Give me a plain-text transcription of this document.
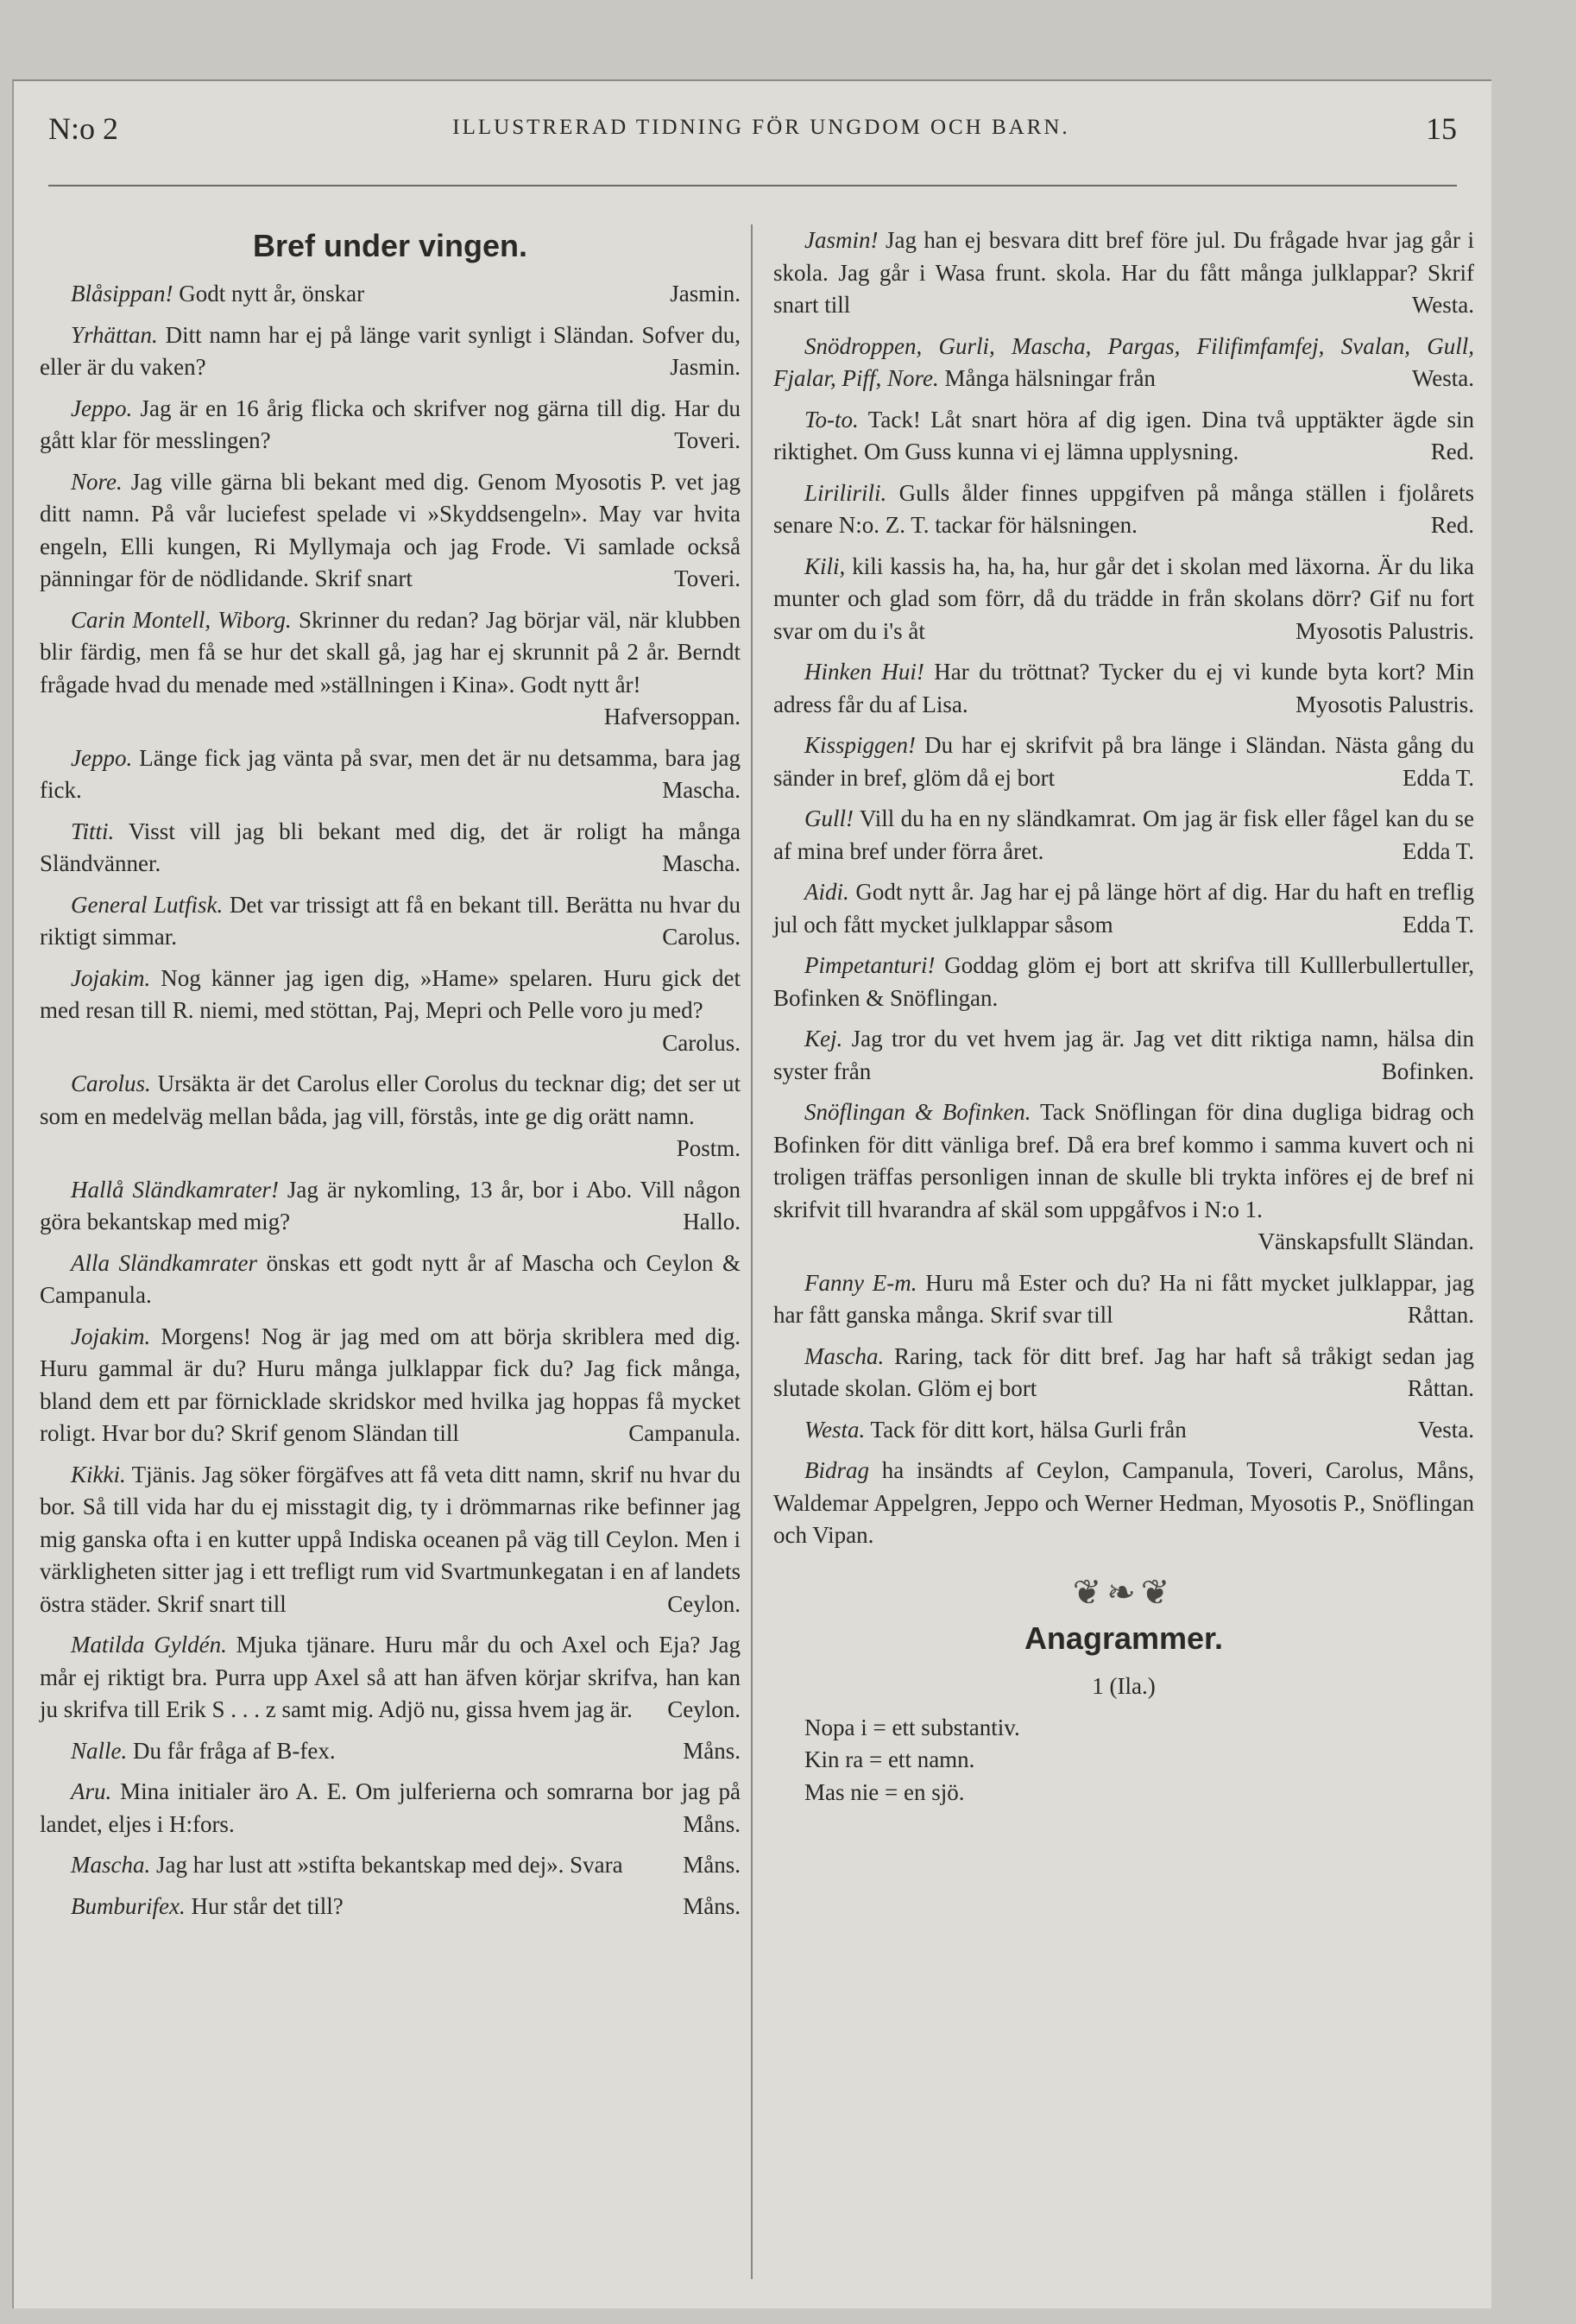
N:o 2	ILLUSTRERAD TIDNING FÖR UNGDOM OCH BARN.	15
Bref under vingen.
Blåsippan! Godt nytt år, önskar	Jasmin.
Yrhättan. Ditt namn har ej på länge varit synligt i Sländan. Sofver du, eller är du vaken?	Jasmin.
Jeppo. Jag är en 16 årig flicka och skrifver nog gärna till dig. Har du gått klar för messlingen?	Toveri.
Nore. Jag ville gärna bli bekant med dig. Genom Myosotis P. vet jag ditt namn. På vår luciefest spelade vi »Skyddsengeln». May var hvita engeln, Elli kungen, Ri Myllymaja och jag Frode. Vi samlade också pänningar för de nödlidande. Skrif snart	Toveri.
Carin Montell, Wiborg. Skrinner du redan? Jag börjar väl, när klubben blir färdig, men få se hur det skall gå, jag har ej skrunnit på 2 år. Berndt frågade hvad du menade med »ställningen i Kina». Godt nytt år!
Hafversoppan.
Jeppo. Länge fick jag vänta på svar, men det är nu detsamma, bara jag fick.	Mascha.
Titti. Visst vill jag bli bekant med dig, det är roligt ha många Sländvänner.	Mascha.
General Lutfisk. Det var trissigt att få en bekant till. Berätta nu hvar du riktigt simmar.	Carolus.
Jojakim. Nog känner jag igen dig, »Hame» spelaren. Huru gick det med resan till R. niemi, med stöttan, Paj, Mepri och Pelle voro ju med?
Carolus.
Carolus. Ursäkta är det Carolus eller Corolus du tecknar dig; det ser ut som en medelväg mellan båda, jag vill, förstås, inte ge dig orätt namn.
Postm.
Hallå Sländkamrater! Jag är nykomling, 13 år, bor i Abo. Vill någon göra bekantskap med mig?	Hallo.
Alla Sländkamrater önskas ett godt nytt år af Mascha och Ceylon & Campanula.
Jojakim. Morgens! Nog är jag med om att börja skriblera med dig. Huru gammal är du? Huru många julklappar fick du? Jag fick många, bland dem ett par förnicklade skridskor med hvilka jag hoppas få mycket roligt. Hvar bor du? Skrif genom Sländan till	Campanula.
Kikki. Tjänis. Jag söker förgäfves att få veta ditt namn, skrif nu hvar du bor. Så till vida har du ej misstagit dig, ty i drömmarnas rike befinner jag mig ganska ofta i en kutter uppå Indiska oceanen på väg till Ceylon. Men i värkligheten sitter jag i ett trefligt rum vid Svartmunkegatan i en af landets östra städer. Skrif snart till	Ceylon.
Matilda Gyldén. Mjuka tjänare. Huru mår du och Axel och Eja? Jag mår ej riktigt bra. Purra upp Axel så att han äfven körjar skrifva, han kan ju skrifva till Erik S . . . z samt mig. Adjö nu, gissa hvem jag är. Ceylon.
Nalle. Du får fråga af B-fex.	Måns.
Aru. Mina initialer äro A. E. Om julferierna och somrarna bor jag på landet, eljes i H:fors.	Måns.
Mascha. Jag har lust att »stifta bekantskap med dej». Svara	Måns.
Bumburifex. Hur står det till?	Måns.
Jasmin! Jag han ej besvara ditt bref före jul. Du frågade hvar jag går i skola. Jag går i Wasa frunt. skola. Har du fått många julklappar? Skrif snart till	Westa.
Snödroppen, Gurli, Mascha, Pargas, Filifimfamfej, Svalan, Gull, Fjalar, Piff, Nore. Många hälsningar från	Westa.
To-to. Tack! Låt snart höra af dig igen. Dina två upptäkter ägde sin riktighet. Om Guss kunna vi ej lämna upplysning.	Red.
Lirilirili. Gulls ålder finnes uppgifven på många ställen i fjolårets senare N:o. Z. T. tackar för hälsningen.	Red.
Kili, kili kassis ha, ha, ha, hur går det i skolan med läxorna. Är du lika munter och glad som förr, då du trädde in från skolans dörr? Gif nu fort svar om du i's åt	Myosotis Palustris.
Hinken Hui! Har du tröttnat? Tycker du ej vi kunde byta kort? Min adress får du af Lisa.	Myosotis Palustris.
Kisspiggen! Du har ej skrifvit på bra länge i Sländan. Nästa gång du sänder in bref, glöm då ej bort	Edda T.
Gull! Vill du ha en ny sländkamrat. Om jag är fisk eller fågel kan du se af mina bref under förra året.	Edda T.
Aidi. Godt nytt år. Jag har ej på länge hört af dig. Har du haft en treflig jul och fått mycket julklappar såsom	Edda T.
Pimpetanturi! Goddag glöm ej bort att skrifva till Kulllerbullertuller, Bofinken & Snöflingan.
Kej. Jag tror du vet hvem jag är. Jag vet ditt riktiga namn, hälsa din syster från	Bofinken.
Snöflingan & Bofinken. Tack Snöflingan för dina dugliga bidrag och Bofinken för ditt vänliga bref. Då era bref kommo i samma kuvert och ni troligen träffas personligen innan de skulle bli trykta införes ej de bref ni skrifvit till hvarandra af skäl som uppgåfvos i N:o 1.
Vänskapsfullt Sländan.
Fanny E-m. Huru må Ester och du? Ha ni fått mycket julklappar, jag har fått ganska många. Skrif svar till	Råttan.
Mascha. Raring, tack för ditt bref. Jag har haft så tråkigt sedan jag slutade skolan. Glöm ej bort	Råttan.
Westa. Tack för ditt kort, hälsa Gurli från	Vesta.
Bidrag ha insändts af Ceylon, Campanula, Toveri, Carolus, Måns, Waldemar Appelgren, Jeppo och Werner Hedman, Myosotis P., Snöflingan och Vipan.
❦❧❦
Anagrammer.
1 (Ila.)
Nopa i = ett substantiv.
Kin ra = ett namn.
Mas nie = en sjö.
